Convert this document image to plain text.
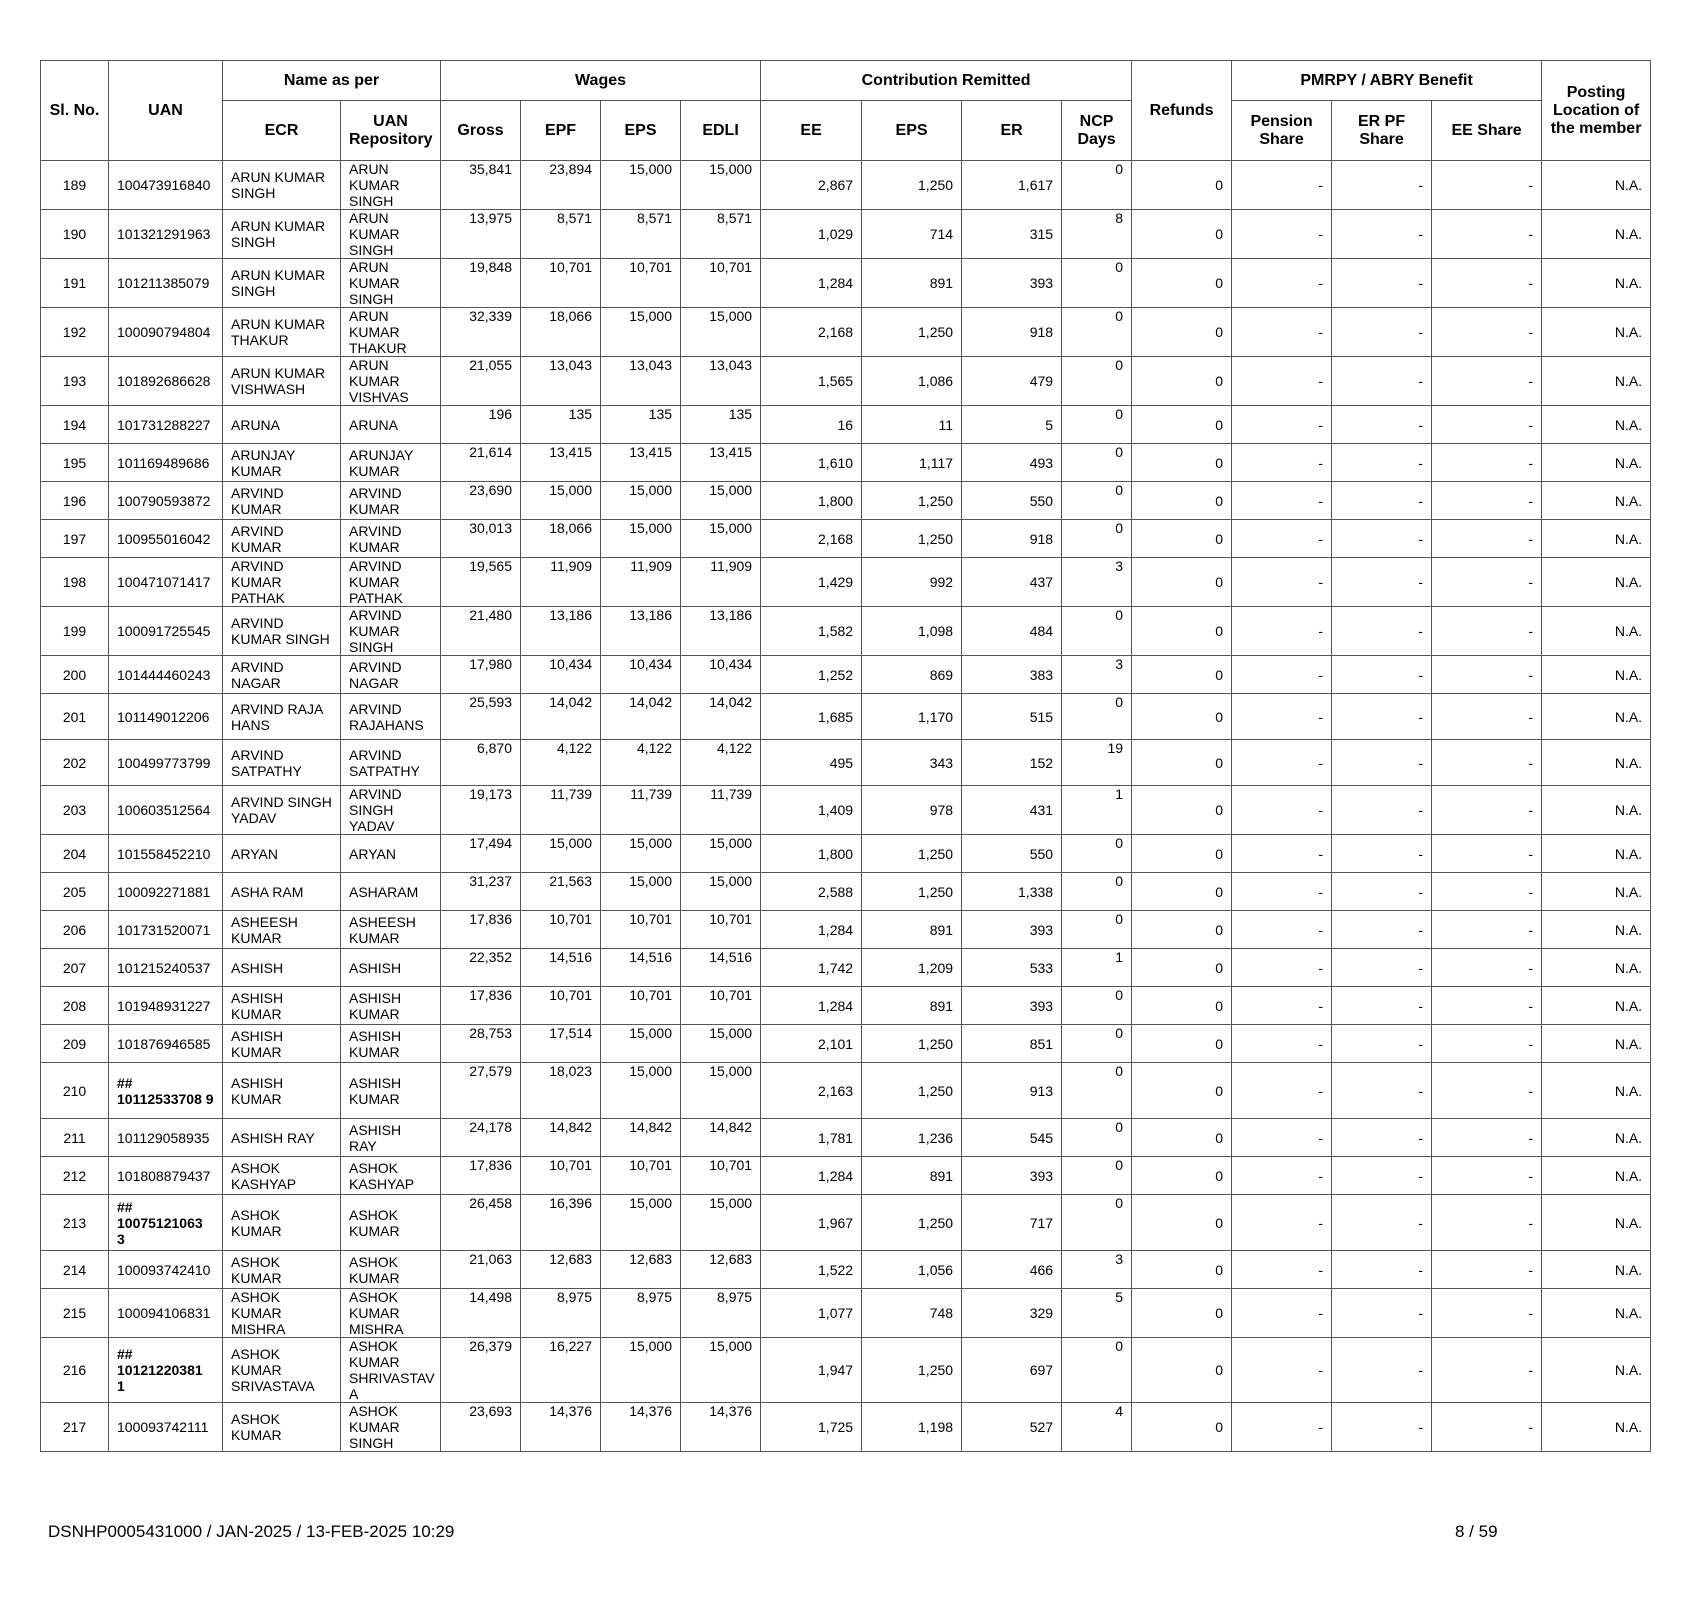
Sl. No.	UAN	Name as per		Wages				Contribution Remitted				Refunds	PMRPY / ABRY Benefit			Posting Location of the member
		ECR	UAN Repository	Gross	EPF	EPS	EDLI	EE	EPS	ER	NCP Days		Pension Share	ER PF Share	EE Share	
189	100473916840	ARUN KUMAR SINGH	ARUN KUMAR SINGH	35,841	23,894	15,000	15,000	2,867	1,250	1,617	0	0	-	-	-	N.A.
190	101321291963	ARUN KUMAR SINGH	ARUN KUMAR SINGH	13,975	8,571	8,571	8,571	1,029	714	315	8	0	-	-	-	N.A.
191	101211385079	ARUN KUMAR SINGH	ARUN KUMAR SINGH	19,848	10,701	10,701	10,701	1,284	891	393	0	0	-	-	-	N.A.
192	100090794804	ARUN KUMAR THAKUR	ARUN KUMAR THAKUR	32,339	18,066	15,000	15,000	2,168	1,250	918	0	0	-	-	-	N.A.
193	101892686628	ARUN KUMAR VISHWASH	ARUN KUMAR VISHVAS	21,055	13,043	13,043	13,043	1,565	1,086	479	0	0	-	-	-	N.A.
194	101731288227	ARUNA	ARUNA	196	135	135	135	16	11	5	0	0	-	-	-	N.A.
195	101169489686	ARUNJAY KUMAR	ARUNJAY KUMAR	21,614	13,415	13,415	13,415	1,610	1,117	493	0	0	-	-	-	N.A.
196	100790593872	ARVIND KUMAR	ARVIND KUMAR	23,690	15,000	15,000	15,000	1,800	1,250	550	0	0	-	-	-	N.A.
197	100955016042	ARVIND KUMAR	ARVIND KUMAR	30,013	18,066	15,000	15,000	2,168	1,250	918	0	0	-	-	-	N.A.
198	100471071417	ARVIND KUMAR PATHAK	ARVIND KUMAR PATHAK	19,565	11,909	11,909	11,909	1,429	992	437	3	0	-	-	-	N.A.
199	100091725545	ARVIND KUMAR SINGH	ARVIND KUMAR SINGH	21,480	13,186	13,186	13,186	1,582	1,098	484	0	0	-	-	-	N.A.
200	101444460243	ARVIND NAGAR	ARVIND NAGAR	17,980	10,434	10,434	10,434	1,252	869	383	3	0	-	-	-	N.A.
201	101149012206	ARVIND RAJA HANS	ARVIND RAJAHANS	25,593	14,042	14,042	14,042	1,685	1,170	515	0	0	-	-	-	N.A.
202	100499773799	ARVIND SATPATHY	ARVIND SATPATHY	6,870	4,122	4,122	4,122	495	343	152	19	0	-	-	-	N.A.
203	100603512564	ARVIND SINGH YADAV	ARVIND SINGH YADAV	19,173	11,739	11,739	11,739	1,409	978	431	1	0	-	-	-	N.A.
204	101558452210	ARYAN	ARYAN	17,494	15,000	15,000	15,000	1,800	1,250	550	0	0	-	-	-	N.A.
205	100092271881	ASHA RAM	ASHARAM	31,237	21,563	15,000	15,000	2,588	1,250	1,338	0	0	-	-	-	N.A.
206	101731520071	ASHEESH KUMAR	ASHEESH KUMAR	17,836	10,701	10,701	10,701	1,284	891	393	0	0	-	-	-	N.A.
207	101215240537	ASHISH	ASHISH	22,352	14,516	14,516	14,516	1,742	1,209	533	1	0	-	-	-	N.A.
208	101948931227	ASHISH KUMAR	ASHISH KUMAR	17,836	10,701	10,701	10,701	1,284	891	393	0	0	-	-	-	N.A.
209	101876946585	ASHISH KUMAR	ASHISH KUMAR	28,753	17,514	15,000	15,000	2,101	1,250	851	0	0	-	-	-	N.A.
210	## 10112533708 9	ASHISH KUMAR	ASHISH KUMAR	27,579	18,023	15,000	15,000	2,163	1,250	913	0	0	-	-	-	N.A.
211	101129058935	ASHISH RAY	ASHISH RAY	24,178	14,842	14,842	14,842	1,781	1,236	545	0	0	-	-	-	N.A.
212	101808879437	ASHOK KASHYAP	ASHOK KASHYAP	17,836	10,701	10,701	10,701	1,284	891	393	0	0	-	-	-	N.A.
213	## 10075121063 3	ASHOK KUMAR	ASHOK KUMAR	26,458	16,396	15,000	15,000	1,967	1,250	717	0	0	-	-	-	N.A.
214	100093742410	ASHOK KUMAR	ASHOK KUMAR	21,063	12,683	12,683	12,683	1,522	1,056	466	3	0	-	-	-	N.A.
215	100094106831	ASHOK KUMAR MISHRA	ASHOK KUMAR MISHRA	14,498	8,975	8,975	8,975	1,077	748	329	5	0	-	-	-	N.A.
216	## 10121220381 1	ASHOK KUMAR SRIVASTAVA	ASHOK KUMAR SHRIVASTAV A	26,379	16,227	15,000	15,000	1,947	1,250	697	0	0	-	-	-	N.A.
217	100093742111	ASHOK KUMAR	ASHOK KUMAR SINGH	23,693	14,376	14,376	14,376	1,725	1,198	527	4	0	-	-	-	N.A.
DSNHP0005431000 / JAN-2025 / 13-FEB-2025 10:29	8 / 59
